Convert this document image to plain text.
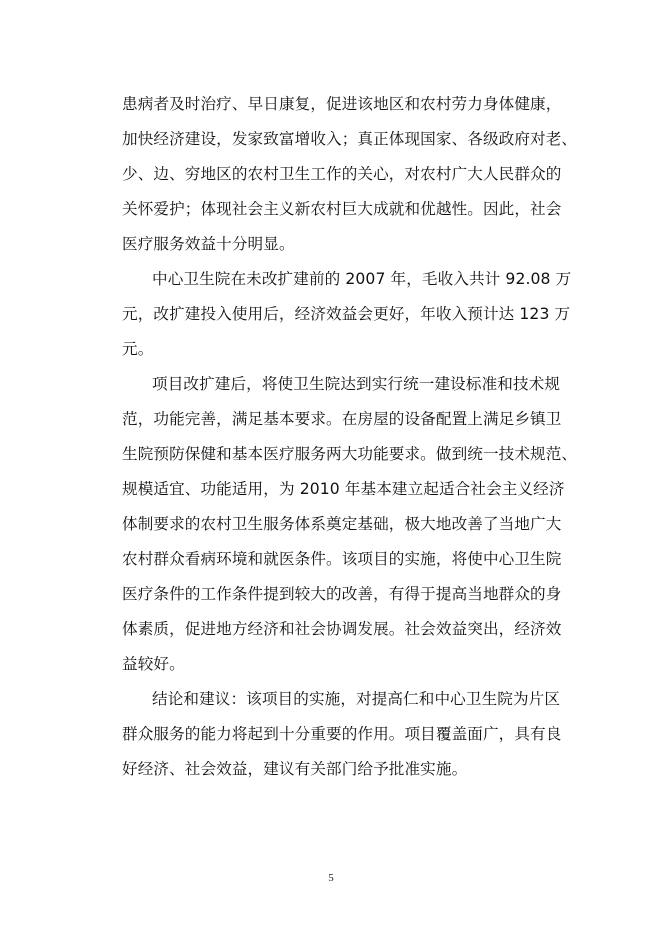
患病者及时治疗、早日康复，促进该地区和农村劳力身体健康，
加快经济建设，发家致富增收入；真正体现国家、各级政府对老、
少、边、穷地区的农村卫生工作的关心，对农村广大人民群众的
关怀爱护；体现社会主义新农村巨大成就和优越性。因此，社会
医疗服务效益十分明显。
中心卫生院在未改扩建前的 2007 年，毛收入共计 92.08 万
元，改扩建投入使用后，经济效益会更好，年收入预计达 123 万
元。
项目改扩建后，将使卫生院达到实行统一建设标准和技术规
范，功能完善，满足基本要求。在房屋的设备配置上满足乡镇卫
生院预防保健和基本医疗服务两大功能要求。做到统一技术规范、
规模适宜、功能适用，为 2010 年基本建立起适合社会主义经济
体制要求的农村卫生服务体系奠定基础，极大地改善了当地广大
农村群众看病环境和就医条件。该项目的实施，将使中心卫生院
医疗条件的工作条件提到较大的改善，有得于提高当地群众的身
体素质，促进地方经济和社会协调发展。社会效益突出，经济效
益较好。
结论和建议：该项目的实施，对提高仁和中心卫生院为片区
群众服务的能力将起到十分重要的作用。项目覆盖面广，具有良
好经济、社会效益，建议有关部门给予批准实施。
5
